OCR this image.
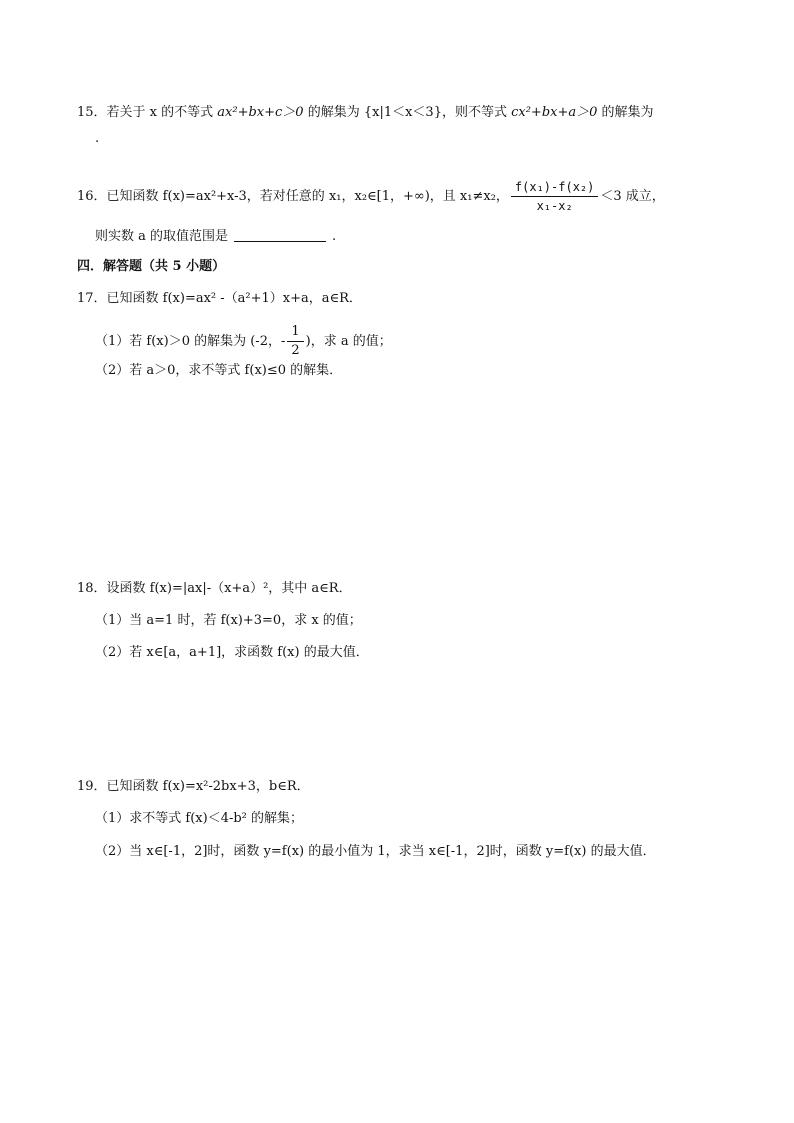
15．若关于 x 的不等式 ax²+bx+c＞0 的解集为 {x|1＜x＜3}，则不等式 cx²+bx+a＞0 的解集为
.
16．已知函数 f(x)=ax²+x-3，若对任意的 x₁，x₂∈[1，+∞)，且 x₁≠x₂， $\frac{\text{f(x₁)-f(x₂)}}{\text{x₁-x₂}} <3$ 成立，
则实数 a 的取值范围是	.
四．解答题（共 5 小题）
17．已知函数 f(x)=ax² -（a²+1）x+a，a∈R．
（1）若 f(x)＞0 的解集为 (-2，- $\frac{1}{2}$ )，求 a 的值；
（2）若 a＞0，求不等式 f(x)≤0 的解集．
18．设函数 f(x)=|ax|-（x+a）²，其中 a∈R．
（1）当 a=1 时，若 f(x)+3=0，求 x 的值；
（2）若 x∈[a，a+1]，求函数 f(x) 的最大值．
19．已知函数 f(x)=x²-2bx+3，b∈R．
（1）求不等式 f(x)＜4-b² 的解集；
（2）当 x∈[-1，2]时，函数 y=f(x) 的最小值为 1，求当 x∈[-1，2]时，函数 y=f(x) 的最大值．
